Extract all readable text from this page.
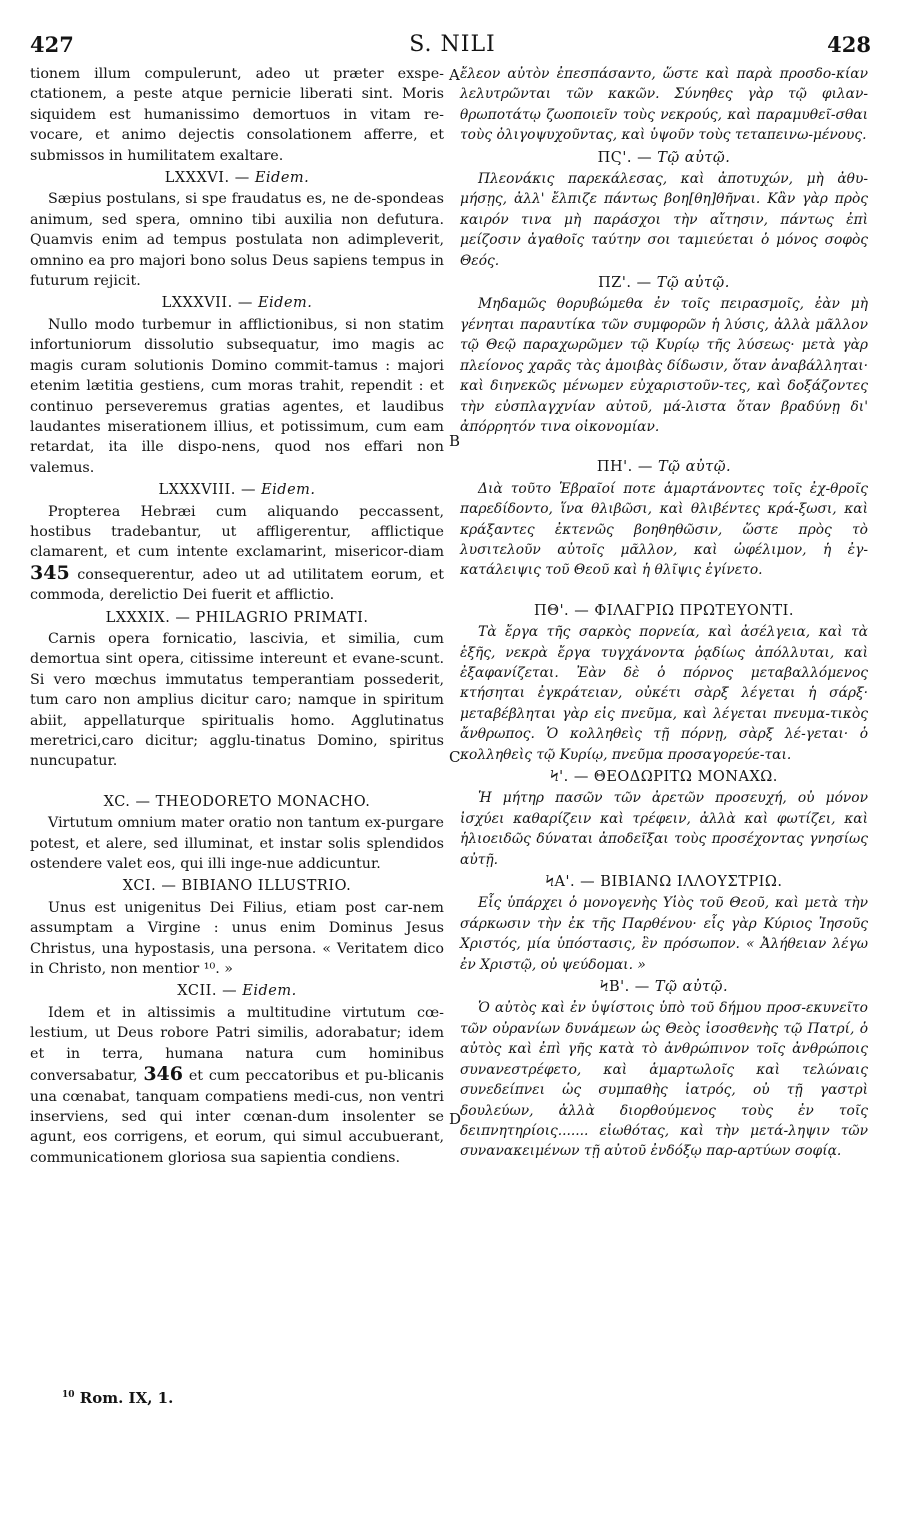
427	S. NILI	428

tionem illum compulerunt, adeo ut præter exspe-ctationem, a peste atque pernicie liberati sint. Moris siquidem est humanissimo demortuos in vitam re-vocare, et animo dejectis consolationem afferre, et submissos in humilitatem exaltare.

LXXXVI. — Eidem.

Sæpius postulans, si spe fraudatus es, ne de-spondeas animum, sed spera, omnino tibi auxilia non defutura. Quamvis enim ad tempus postulata non adimpleverit, omnino ea pro majori bono solus Deus sapiens tempus in futurum rejicit.

LXXXVII. — Eidem.

Nullo modo turbemur in afflictionibus, si non statim infortuniorum dissolutio subsequatur, imo magis ac magis curam solutionis Domino commit-tamus : majori etenim lætitia gestiens, cum moras trahit, rependit : et continuo perseveremus gratias agentes, et laudibus laudantes miserationem illius, et potissimum, cum eam retardat, ita ille dispo-nens, quod nos effari non valemus.

LXXXVIII. — Eidem.

Propterea Hebræi cum aliquando peccassent, hostibus tradebantur, ut affligerentur, afflictique clamarent, et cum intente exclamarint, misericor-diam 345 consequerentur, adeo ut ad utilitatem eorum, et commoda, derelictio Dei fuerit et afflictio.

LXXXIX. — PHILAGRIO PRIMATI.

Carnis opera fornicatio, lascivia, et similia, cum demortua sint opera, citissime intereunt et evane-scunt. Si vero mœchus immutatus temperantiam possederit, tum caro non amplius dicitur caro; namque in spiritum abiit, appellaturque spiritualis homo. Agglutinatus meretrici,caro dicitur; agglu-tinatus Domino, spiritus nuncupatur.

XC. — THEODORETO MONACHO.

Virtutum omnium mater oratio non tantum ex-purgare potest, et alere, sed illuminat, et instar solis splendidos ostendere valet eos, qui illi inge-nue addicuntur.

XCI. — BIBIANO ILLUSTRIO.

Unus est unigenitus Dei Filius, etiam post car-nem assumptam a Virgine : unus enim Dominus Jesus Christus, una hypostasis, una persona. « Veritatem dico in Christo, non mentior ¹⁰. »

XCII. — Eidem.

Idem et in altissimis a multitudine virtutum cœ-lestium, ut Deus robore Patri similis, adorabatur; idem et in terra, humana natura cum hominibus conversabatur, 346 et cum peccatoribus et pu-blicanis una cœnabat, tanquam compatiens medi-cus, non ventri inserviens, sed qui inter cœnan-dum insolenter se agunt, eos corrigens, et eorum, qui simul accubuerant, communicationem gloriosa sua sapientia condiens.

A
B
C
D

ἔλεον αὐτὸν ἐπεσπάσαντο, ὥστε καὶ παρὰ προσδο-κίαν λελυτρῶνται τῶν κακῶν. Σύνηθες γὰρ τῷ φιλαν-θρωποτάτῳ ζωοποιεῖν τοὺς νεκρούς, καὶ παραμυθεῖ-σθαι τοὺς ὀλιγοψυχοῦντας, καὶ ὑψοῦν τοὺς τεταπεινω-μένους.

ΠϚ'. — Τῷ αὐτῷ.

Πλεονάκις παρεκάλεσας, καὶ ἀποτυχών, μὴ ἀθυ-μήσῃς, ἀλλ' ἔλπιζε πάντως βοη[θη]θῆναι. Κἂν γὰρ πρὸς καιρόν τινα μὴ παράσχοι τὴν αἴτησιν, πάντως ἐπὶ μείζοσιν ἀγαθοῖς ταύτην σοι ταμιεύεται ὁ μόνος σοφὸς Θεός.

ΠΖ'. — Τῷ αὐτῷ.

Μηδαμῶς θορυβώμεθα ἐν τοῖς πειρασμοῖς, ἐὰν μὴ γένηται παραυτίκα τῶν συμφορῶν ἡ λύσις, ἀλλὰ μᾶλλον τῷ Θεῷ παραχωρῶμεν τῷ Κυρίῳ τῆς λύσεως· μετὰ γὰρ πλείονος χαρᾶς τὰς ἀμοιβὰς δίδωσιν, ὅταν ἀναβάλληται· καὶ διηνεκῶς μένωμεν εὐχαριστοῦν-τες, καὶ δοξάζοντες τὴν εὐσπλαγχνίαν αὐτοῦ, μά-λιστα ὅταν βραδύνῃ δι' ἀπόρρητόν τινα οἰκονομίαν.

ΠΗ'. — Τῷ αὐτῷ.

Διὰ τοῦτο Ἑβραῖοί ποτε ἁμαρτάνοντες τοῖς ἐχ-θροῖς παρεδίδοντο, ἵνα θλιβῶσι, καὶ θλιβέντες κρά-ξωσι, καὶ κράξαντες ἐκτενῶς βοηθηθῶσιν, ὥστε πρὸς τὸ λυσιτελοῦν αὐτοῖς μᾶλλον, καὶ ὠφέλιμον, ἡ ἐγ-κατάλειψις τοῦ Θεοῦ καὶ ἡ θλῖψις ἐγίνετο.

ΠΘ'. — ΦΙΛΑΓΡΙΩ ΠΡΩΤΕΥΟΝΤΙ.

Τὰ ἔργα τῆς σαρκὸς πορνεία, καὶ ἀσέλγεια, καὶ τὰ ἑξῆς, νεκρὰ ἔργα τυγχάνοντα ῥᾳδίως ἀπόλλυται, καὶ ἐξαφανίζεται. Ἐὰν δὲ ὁ πόρνος μεταβαλλόμενος κτήσηται ἐγκράτειαν, οὐκέτι σὰρξ λέγεται ἡ σάρξ· μεταβέβληται γὰρ εἰς πνεῦμα, καὶ λέγεται πνευμα-τικὸς ἄνθρωπος. Ὁ κολληθεὶς τῇ πόρνῃ, σὰρξ λέ-γεται· ὁ κολληθεὶς τῷ Κυρίῳ, πνεῦμα προσαγορεύε-ται.

Ϟ'. — ΘΕΟΔΩΡΙΤΩ ΜΟΝΑΧΩ.

Ἡ μήτηρ πασῶν τῶν ἀρετῶν προσευχή, οὐ μόνον ἰσχύει καθαρίζειν καὶ τρέφειν, ἀλλὰ καὶ φωτίζει, καὶ ἡλιοειδῶς δύναται ἀποδεῖξαι τοὺς προσέχοντας γνησίως αὐτῇ.

ϞΑ'. — ΒΙΒΙΑΝΩ ΙΛΛΟΥΣΤΡΙΩ.

Εἷς ὑπάρχει ὁ μονογενὴς Υἱὸς τοῦ Θεοῦ, καὶ μετὰ τὴν σάρκωσιν τὴν ἐκ τῆς Παρθένου· εἷς γὰρ Κύριος Ἰησοῦς Χριστός, μία ὑπόστασις, ἓν πρόσωπον. « Ἀλήθειαν λέγω ἐν Χριστῷ, οὐ ψεύδομαι. »

ϞΒ'. — Τῷ αὐτῷ.

Ὁ αὐτὸς καὶ ἐν ὑψίστοις ὑπὸ τοῦ δήμου προσ-εκυνεῖτο τῶν οὐρανίων δυνάμεων ὡς Θεὸς ἰσοσθενὴς τῷ Πατρί, ὁ αὐτὸς καὶ ἐπὶ γῆς κατὰ τὸ ἀνθρώπινον τοῖς ἀνθρώποις συνανεστρέφετο, καὶ ἁμαρτωλοῖς καὶ τελώναις συνεδείπνει ὡς συμπαθὴς ἰατρός, οὐ τῇ γαστρὶ δουλεύων, ἀλλὰ διορθούμενος τοὺς ἐν τοῖς δειπνητηρίοις....... εἰωθότας, καὶ τὴν μετά-ληψιν τῶν συνανακειμένων τῇ αὐτοῦ ἐνδόξῳ παρ-αρτύων σοφίᾳ.

$^{10}$ Rom. IX, 1.
